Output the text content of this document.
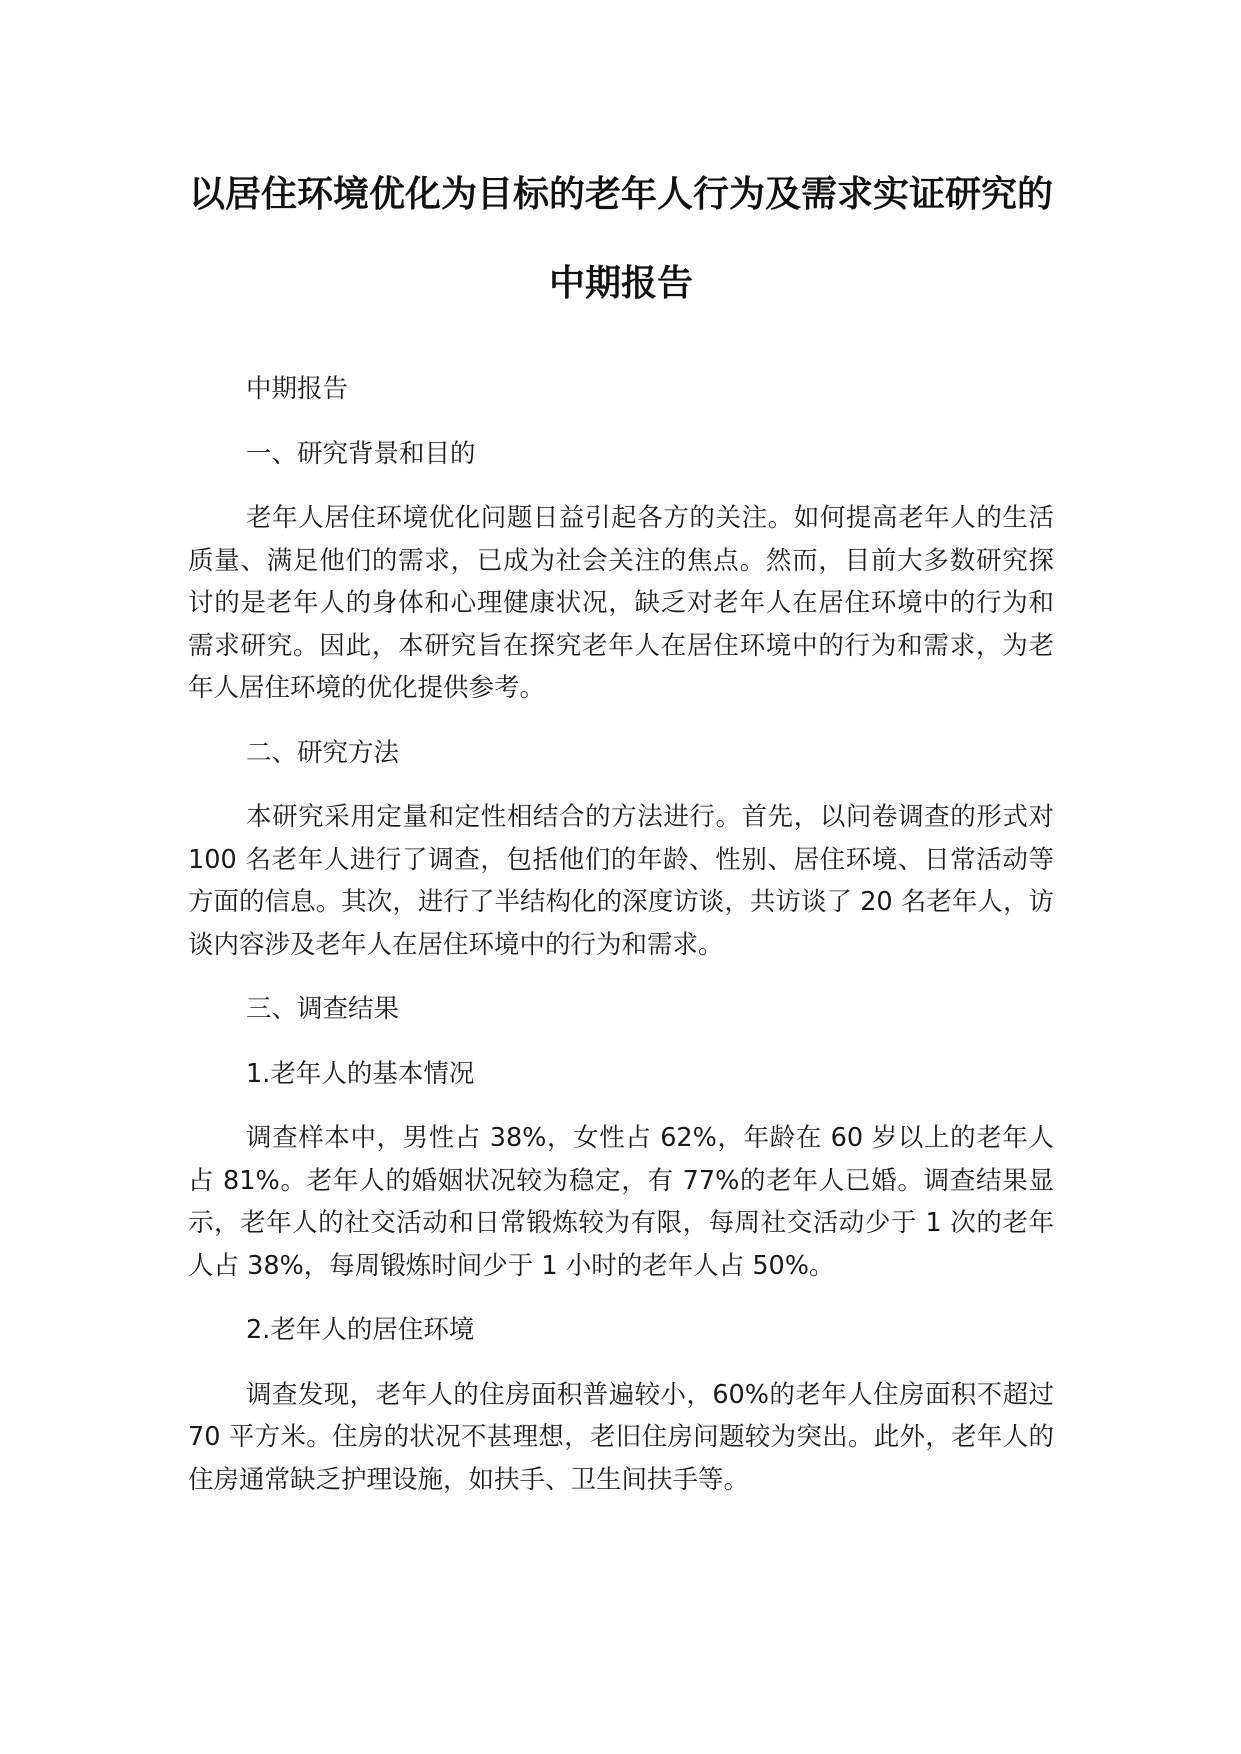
以居住环境优化为目标的老年人行为及需求实证研究的中期报告

中期报告

一、研究背景和目的

老年人居住环境优化问题日益引起各方的关注。如何提高老年人的生活质量、满足他们的需求，已成为社会关注的焦点。然而，目前大多数研究探讨的是老年人的身体和心理健康状况，缺乏对老年人在居住环境中的行为和需求研究。因此，本研究旨在探究老年人在居住环境中的行为和需求，为老年人居住环境的优化提供参考。

二、研究方法

本研究采用定量和定性相结合的方法进行。首先，以问卷调查的形式对 100 名老年人进行了调查，包括他们的年龄、性别、居住环境、日常活动等方面的信息。其次，进行了半结构化的深度访谈，共访谈了 20 名老年人，访谈内容涉及老年人在居住环境中的行为和需求。

三、调查结果

1.老年人的基本情况

调查样本中，男性占 38%，女性占 62%，年龄在 60 岁以上的老年人占 81%。老年人的婚姻状况较为稳定，有 77%的老年人已婚。调查结果显示，老年人的社交活动和日常锻炼较为有限，每周社交活动少于 1 次的老年人占 38%，每周锻炼时间少于 1 小时的老年人占 50%。

2.老年人的居住环境

调查发现，老年人的住房面积普遍较小，60%的老年人住房面积不超过 70 平方米。住房的状况不甚理想，老旧住房问题较为突出。此外，老年人的住房通常缺乏护理设施，如扶手、卫生间扶手等。
